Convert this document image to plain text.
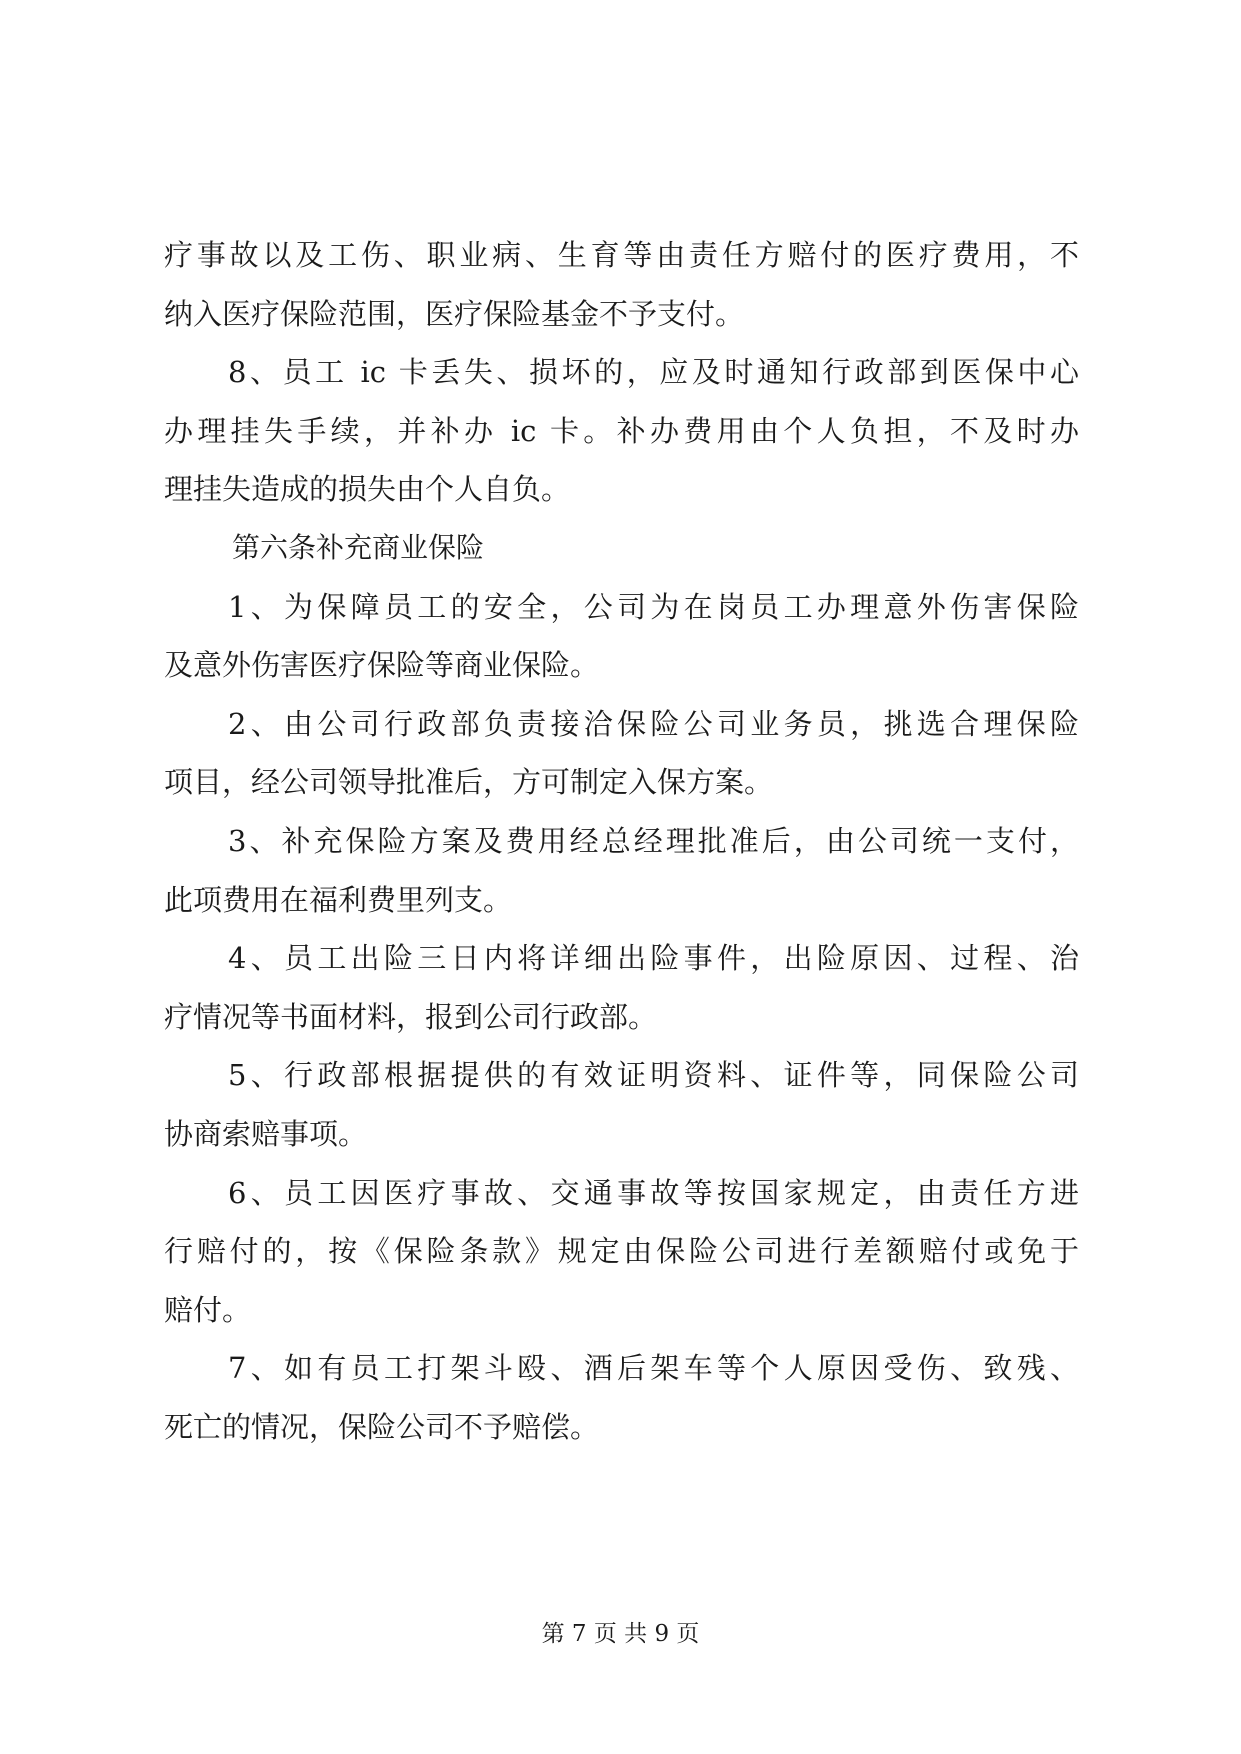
疗事故以及工伤、职业病、生育等由责任方赔付的医疗费用，不
纳入医疗保险范围，医疗保险基金不予支付。
8、员工 ic 卡丢失、损坏的，应及时通知行政部到医保中心
办理挂失手续，并补办 ic 卡。补办费用由个人负担，不及时办
理挂失造成的损失由个人自负。
第六条补充商业保险
1、为保障员工的安全，公司为在岗员工办理意外伤害保险
及意外伤害医疗保险等商业保险。
2、由公司行政部负责接洽保险公司业务员，挑选合理保险
项目，经公司领导批准后，方可制定入保方案。
3、补充保险方案及费用经总经理批准后，由公司统一支付，
此项费用在福利费里列支。
4、员工出险三日内将详细出险事件，出险原因、过程、治
疗情况等书面材料，报到公司行政部。
5、行政部根据提供的有效证明资料、证件等，同保险公司
协商索赔事项。
6、员工因医疗事故、交通事故等按国家规定，由责任方进
行赔付的，按《保险条款》规定由保险公司进行差额赔付或免于
赔付。
7、如有员工打架斗殴、酒后架车等个人原因受伤、致残、
死亡的情况，保险公司不予赔偿。
第 7 页 共 9 页
